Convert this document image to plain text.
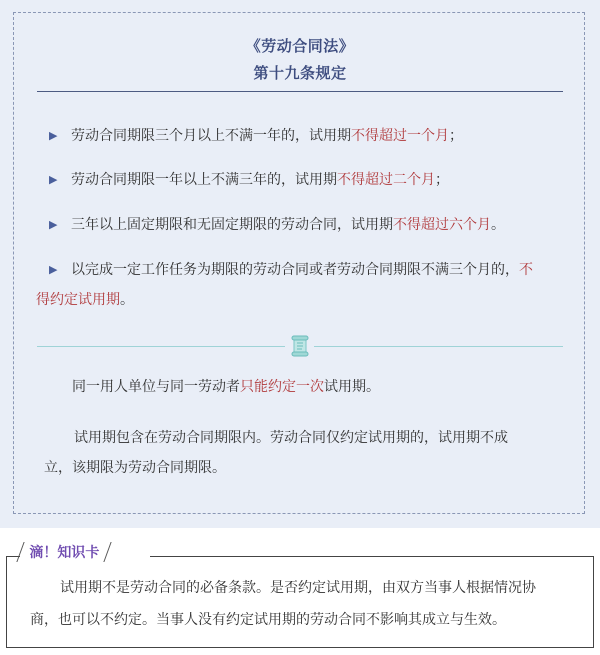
《劳动合同法》
第十九条规定
▶ 劳动合同期限三个月以上不满一年的，试用期不得超过一个月；
▶ 劳动合同期限一年以上不满三年的，试用期不得超过二个月；
▶ 三年以上固定期限和无固定期限的劳动合同，试用期不得超过六个月。
▶ 以完成一定工作任务为期限的劳动合同或者劳动合同期限不满三个月的，不
得约定试用期。
同一用人单位与同一劳动者只能约定一次试用期。
试用期包含在劳动合同期限内。劳动合同仅约定试用期的，试用期不成
立，该期限为劳动合同期限。
滴！知识卡
试用期不是劳动合同的必备条款。是否约定试用期，由双方当事人根据情况协
商，也可以不约定。当事人没有约定试用期的劳动合同不影响其成立与生效。
